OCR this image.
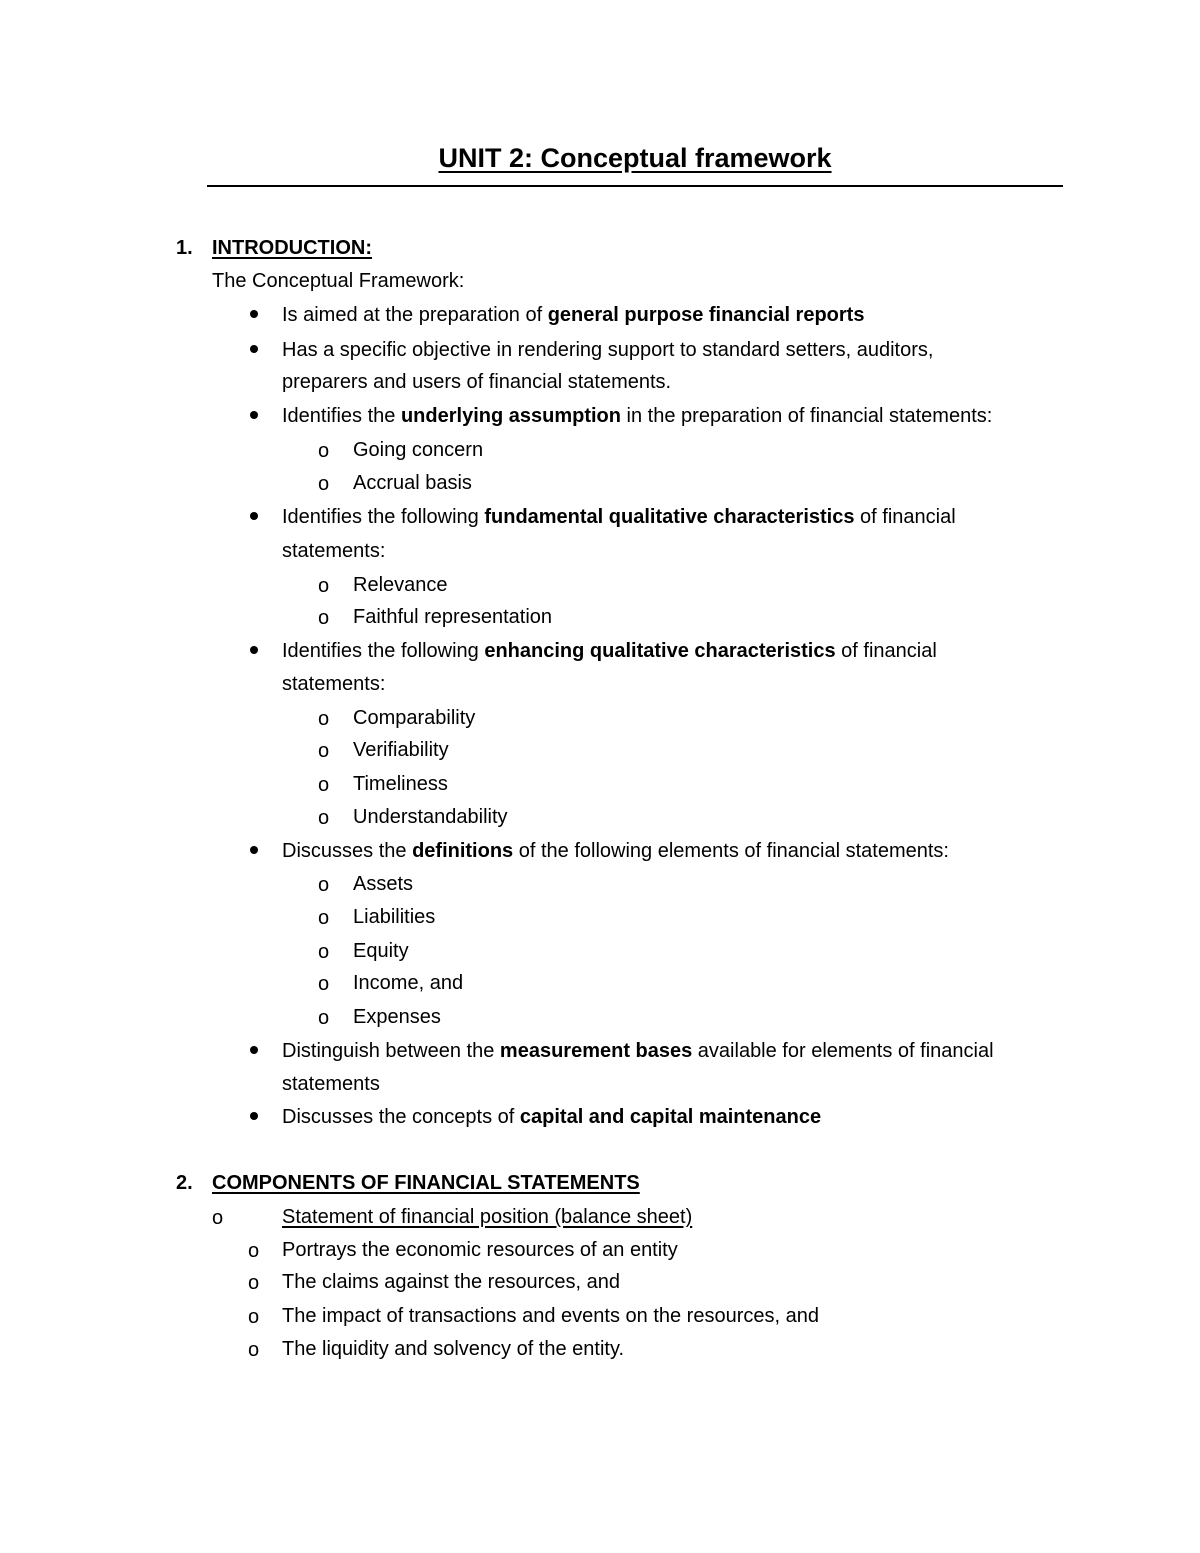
UNIT 2: Conceptual framework
1. INTRODUCTION:
The Conceptual Framework:
Is aimed at the preparation of general purpose financial reports
Has a specific objective in rendering support to standard setters, auditors,
preparers and users of financial statements.
Identifies the underlying assumption in the preparation of financial statements:
o Going concern
o Accrual basis
Identifies the following fundamental qualitative characteristics of financial
statements:
o Relevance
o Faithful representation
Identifies the following enhancing qualitative characteristics of financial
statements:
o Comparability
o Verifiability
o Timeliness
o Understandability
Discusses the definitions of the following elements of financial statements:
o Assets
o Liabilities
o Equity
o Income, and
o Expenses
Distinguish between the measurement bases available for elements of financial
statements
Discusses the concepts of capital and capital maintenance
2. COMPONENTS OF FINANCIAL STATEMENTS
o	Statement of financial position (balance sheet)
o Portrays the economic resources of an entity
o The claims against the resources, and
o The impact of transactions and events on the resources, and
o The liquidity and solvency of the entity.
